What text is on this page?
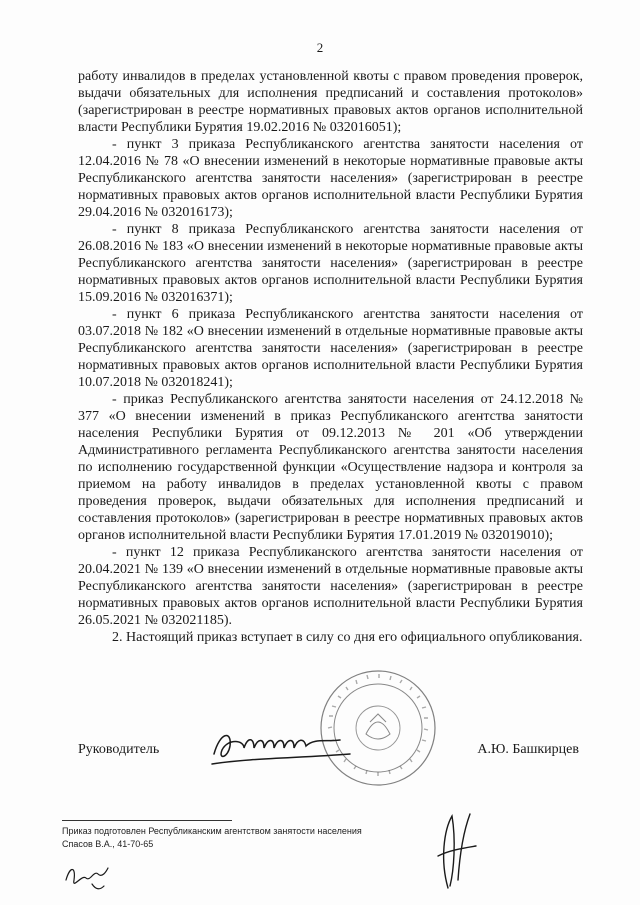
2

работу инвалидов в пределах установленной квоты с правом проведения проверок, выдачи обязательных для исполнения предписаний и составления протоколов» (зарегистрирован в реестре нормативных правовых актов органов исполнительной власти Республики Бурятия 19.02.2016 № 032016051);

- пункт 3 приказа Республиканского агентства занятости населения от 12.04.2016 № 78 «О внесении изменений в некоторые нормативные правовые акты Республиканского агентства занятости населения» (зарегистрирован в реестре нормативных правовых актов органов исполнительной власти Республики Бурятия 29.04.2016 № 032016173);

- пункт 8 приказа Республиканского агентства занятости населения от 26.08.2016 № 183 «О внесении изменений в некоторые нормативные правовые акты Республиканского агентства занятости населения» (зарегистрирован в реестре нормативных правовых актов органов исполнительной власти Республики Бурятия 15.09.2016 № 032016371);

- пункт 6 приказа Республиканского агентства занятости населения от 03.07.2018 № 182 «О внесении изменений в отдельные нормативные правовые акты Республиканского агентства занятости населения» (зарегистрирован в реестре нормативных правовых актов органов исполнительной власти Республики Бурятия 10.07.2018 № 032018241);

- приказ Республиканского агентства занятости населения от 24.12.2018 № 377 «О внесении изменений в приказ Республиканского агентства занятости населения Республики Бурятия от 09.12.2013 № 201 «Об утверждении Административного регламента Республиканского агентства занятости населения по исполнению государственной функции «Осуществление надзора и контроля за приемом на работу инвалидов в пределах установленной квоты с правом проведения проверок, выдачи обязательных для исполнения предписаний и составления протоколов» (зарегистрирован в реестре нормативных правовых актов органов исполнительной власти Республики Бурятия 17.01.2019 № 032019010);

- пункт 12 приказа Республиканского агентства занятости населения от 20.04.2021 № 139 «О внесении изменений в отдельные нормативные правовые акты Республиканского агентства занятости населения» (зарегистрирован в реестре нормативных правовых актов органов исполнительной власти Республики Бурятия 26.05.2021 № 032021185).

2. Настоящий приказ вступает в силу со дня его официального опубликования.

Руководитель	А.Ю. Башкирцев
Приказ подготовлен Республиканским агентством занятости населения
Спасов В.А., 41-70-65
